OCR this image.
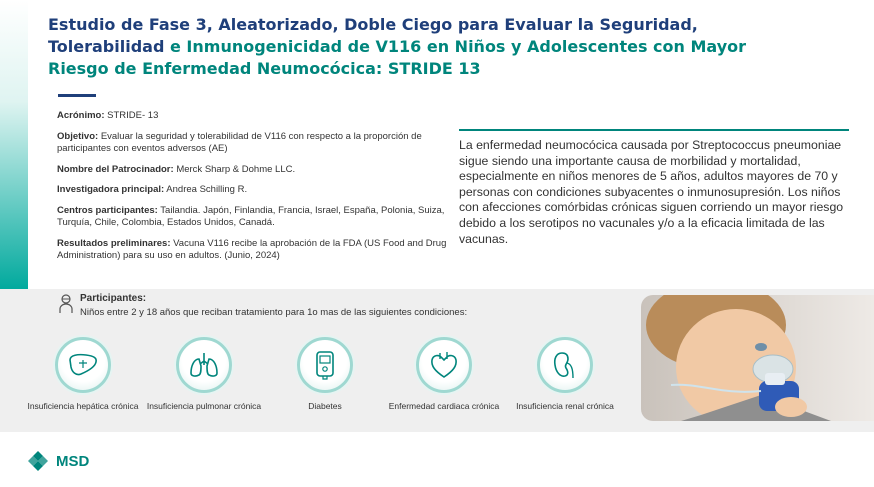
Estudio de Fase 3, Aleatorizado, Doble Ciego para Evaluar la Seguridad, Tolerabilidad e Inmunogenicidad de V116 en Niños y Adolescentes con Mayor Riesgo de Enfermedad Neumocócica: STRIDE 13

Acrónimo: STRIDE- 13

Objetivo: Evaluar la seguridad y tolerabilidad de V116 con respecto a la proporción de participantes con eventos adversos (AE)

Nombre del Patrocinador: Merck Sharp & Dohme LLC.

Investigadora principal: Andrea Schilling R.

Centros participantes: Tailandia. Japón, Finlandia, Francia, Israel, España, Polonia, Suiza, Turquía, Chile, Colombia, Estados Unidos, Canadá.

Resultados preliminares: Vacuna V116 recibe la aprobación de la FDA (US Food and Drug Administration) para su uso en adultos. (Junio, 2024)

La enfermedad neumocócica causada por Streptococcus pneumoniae sigue siendo una importante causa de morbilidad y mortalidad, especialmente en niños menores de 5 años, adultos mayores de 70 y personas con condiciones subyacentes o inmunosupresión. Los niños con afecciones comórbidas crónicas siguen corriendo un mayor riesgo debido a los serotipos no vacunales y/o a la eficacia limitada de las vacunas.
Participantes:
Niños entre 2 y 18 años que reciban tratamiento para 1o mas de las siguientes condiciones:
Insuficiencia hepática crónica Insuficiencia pulmonar crónica	Diabetes	Enfermedad cardiaca crónica	Insuficiencia renal crónica
MSD
